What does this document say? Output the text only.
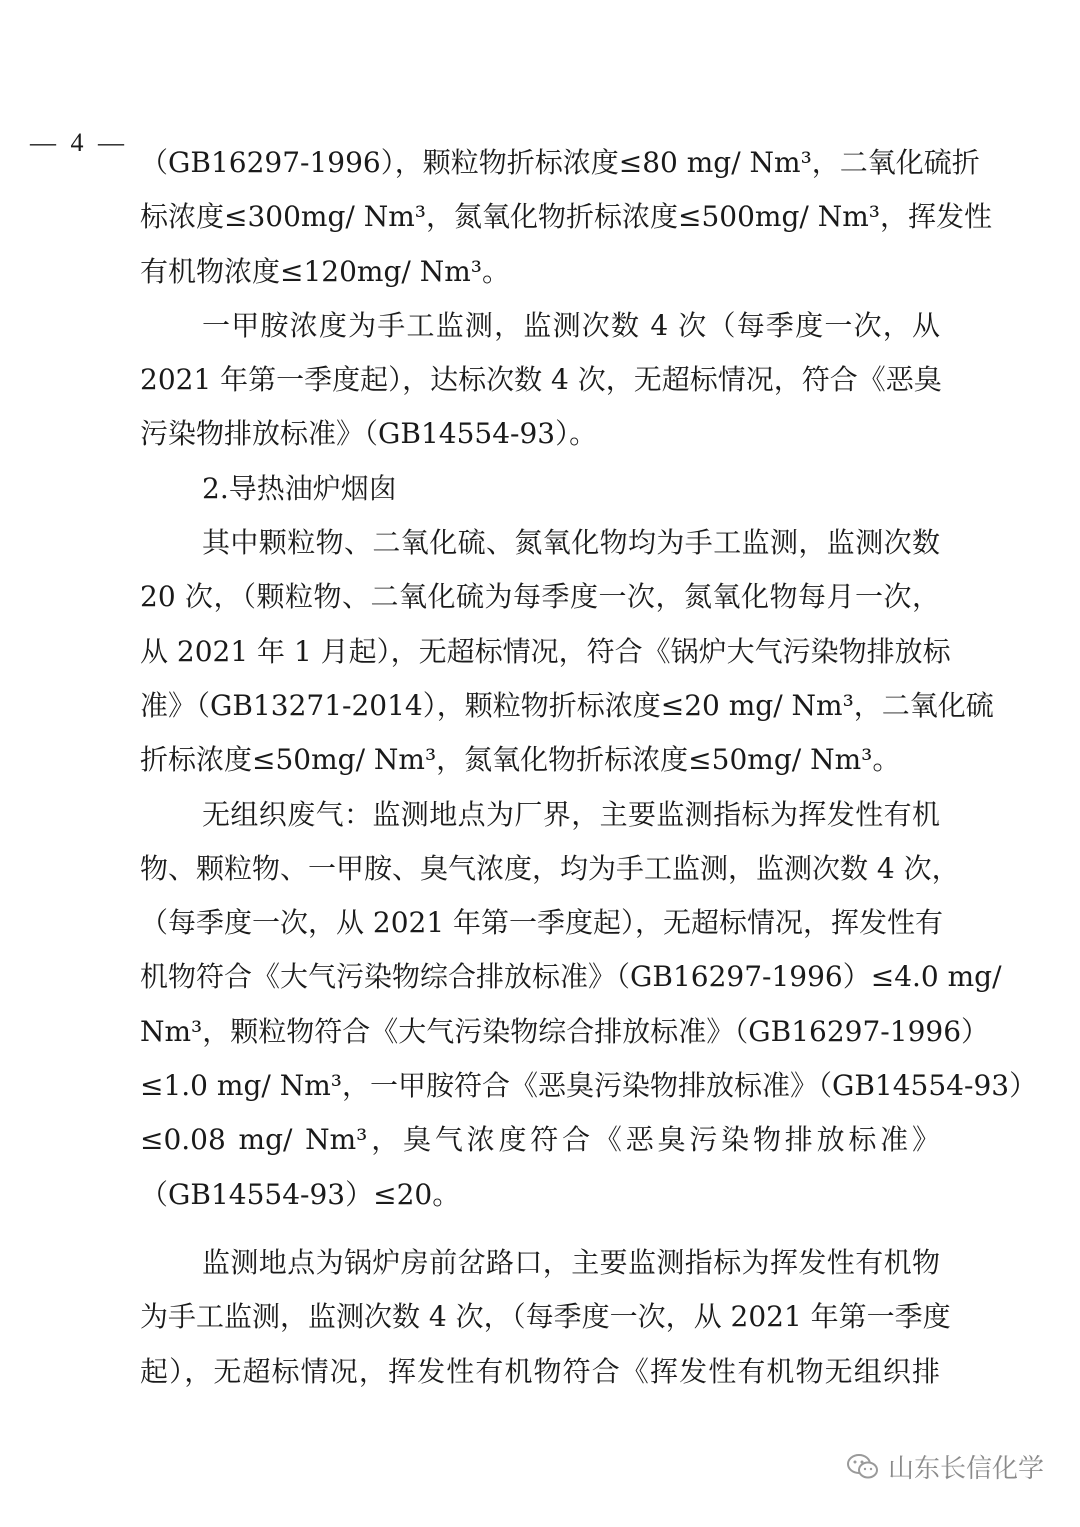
— 4 —
（GB16297-1996），颗粒物折标浓度≤80 mg/ Nm³，二氧化硫折
标浓度≤300mg/ Nm³，氮氧化物折标浓度≤500mg/ Nm³，挥发性
有机物浓度≤120mg/ Nm³。
一甲胺浓度为手工监测，监测次数 4 次（每季度一次，从
2021 年第一季度起），达标次数 4 次，无超标情况，符合《恶臭
污染物排放标准》（GB14554-93）。
2.导热油炉烟囱
其中颗粒物、二氧化硫、氮氧化物均为手工监测，监测次数
20 次，（颗粒物、二氧化硫为每季度一次，氮氧化物每月一次，
从 2021 年 1 月起），无超标情况，符合《锅炉大气污染物排放标
准》（GB13271-2014），颗粒物折标浓度≤20 mg/ Nm³，二氧化硫
折标浓度≤50mg/ Nm³，氮氧化物折标浓度≤50mg/ Nm³。
无组织废气：监测地点为厂界，主要监测指标为挥发性有机
物、颗粒物、一甲胺、臭气浓度，均为手工监测，监测次数 4 次，
（每季度一次，从 2021 年第一季度起），无超标情况，挥发性有
机物符合《大气污染物综合排放标准》（GB16297-1996）≤4.0 mg/
Nm³，颗粒物符合《大气污染物综合排放标准》（GB16297-1996）
≤1.0 mg/ Nm³，一甲胺符合《恶臭污染物排放标准》（GB14554-93）
≤0.08 mg/ Nm³，臭气浓度符合《恶臭污染物排放标准》
（GB14554-93）≤20。
监测地点为锅炉房前岔路口，主要监测指标为挥发性有机物
为手工监测，监测次数 4 次，（每季度一次，从 2021 年第一季度
起），无超标情况，挥发性有机物符合《挥发性有机物无组织排
山东长信化学
